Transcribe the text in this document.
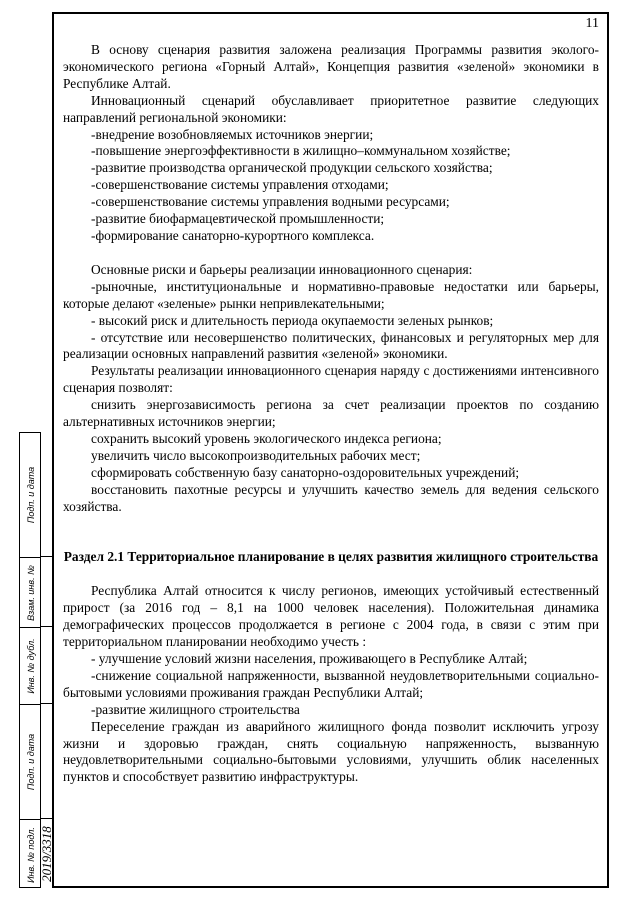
Подп. и дата
Взам. инв. №
Инв. № дубл.
Подп. и дата
Инв. № подл. 2019/3318
11

В основу сценария развития заложена реализация Программы развития эколого-экономического региона «Горный Алтай», Концепция развития «зеленой» экономики в Республике Алтай.

Инновационный сценарий обуславливает приоритетное развитие следующих направлений региональной экономики:

-внедрение возобновляемых источников энергии;

-повышение энергоэффективности в жилищно–коммунальном хозяйстве;

-развитие производства органической продукции сельского хозяйства;

-совершенствование системы управления отходами;

-совершенствование системы управления водными ресурсами;

-развитие биофармацевтической промышленности;

-формирование санаторно-курортного комплекса.

Основные риски и барьеры реализации инновационного сценария:

-рыночные, институциональные и нормативно-правовые недостатки или барьеры, которые делают «зеленые» рынки непривлекательными;

- высокий риск и длительность периода окупаемости зеленых рынков;

- отсутствие или несовершенство политических, финансовых и регуляторных мер для реализации основных направлений развития «зеленой» экономики.

Результаты реализации инновационного сценария наряду с достижениями интенсивного сценария позволят:

снизить энергозависимость региона за счет реализации проектов по созданию альтернативных источников энергии;

сохранить высокий уровень экологического индекса региона;

увеличить число высокопроизводительных рабочих мест;

сформировать собственную базу санаторно-оздоровительных учреждений;

восстановить пахотные ресурсы и улучшить качество земель для ведения сельского хозяйства.

Раздел 2.1 Территориальное планирование в целях развития жилищного строительства

Республика Алтай относится к числу регионов, имеющих устойчивый естественный прирост (за 2016 год – 8,1 на 1000 человек населения). Положительная динамика демографических процессов продолжается в регионе с 2004 года, в связи с этим при территориальном планировании необходимо учесть :

- улучшение условий жизни населения, проживающего в Республике Алтай;

-снижение социальной напряженности, вызванной неудовлетворительными социально-бытовыми условиями проживания граждан Республики Алтай;

-развитие жилищного строительства

Переселение граждан из аварийного жилищного фонда позволит исключить угрозу жизни и здоровью граждан, снять социальную напряженность, вызванную неудовлетворительными социально-бытовыми условиями, улучшить облик населенных пунктов и способствует развитию инфраструктуры.
